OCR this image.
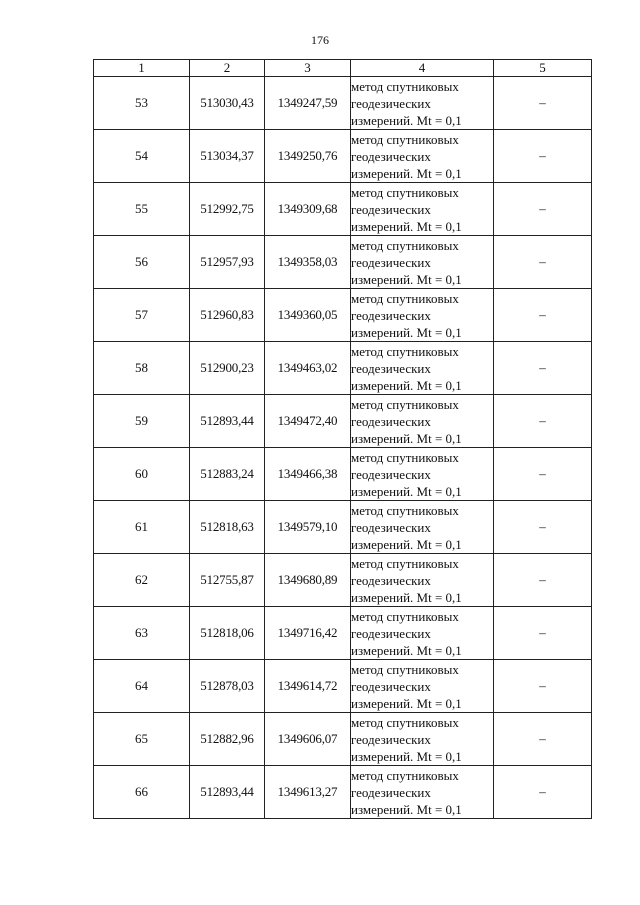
176
1	2	3	4	5
53	513030,43	1349247,59	метод спутниковых
геодезических
измерений. Mt = 0,1	–
54	513034,37	1349250,76	метод спутниковых
геодезических
измерений. Mt = 0,1	–
55	512992,75	1349309,68	метод спутниковых
геодезических
измерений. Mt = 0,1	–
56	512957,93	1349358,03	метод спутниковых
геодезических
измерений. Mt = 0,1	–
57	512960,83	1349360,05	метод спутниковых
геодезических
измерений. Mt = 0,1	–
58	512900,23	1349463,02	метод спутниковых
геодезических
измерений. Mt = 0,1	–
59	512893,44	1349472,40	метод спутниковых
геодезических
измерений. Mt = 0,1	–
60	512883,24	1349466,38	метод спутниковых
геодезических
измерений. Mt = 0,1	–
61	512818,63	1349579,10	метод спутниковых
геодезических
измерений. Mt = 0,1	–
62	512755,87	1349680,89	метод спутниковых
геодезических
измерений. Mt = 0,1	–
63	512818,06	1349716,42	метод спутниковых
геодезических
измерений. Mt = 0,1	–
64	512878,03	1349614,72	метод спутниковых
геодезических
измерений. Mt = 0,1	–
65	512882,96	1349606,07	метод спутниковых
геодезических
измерений. Mt = 0,1	–
66	512893,44	1349613,27	метод спутниковых
геодезических
измерений. Mt = 0,1	–
